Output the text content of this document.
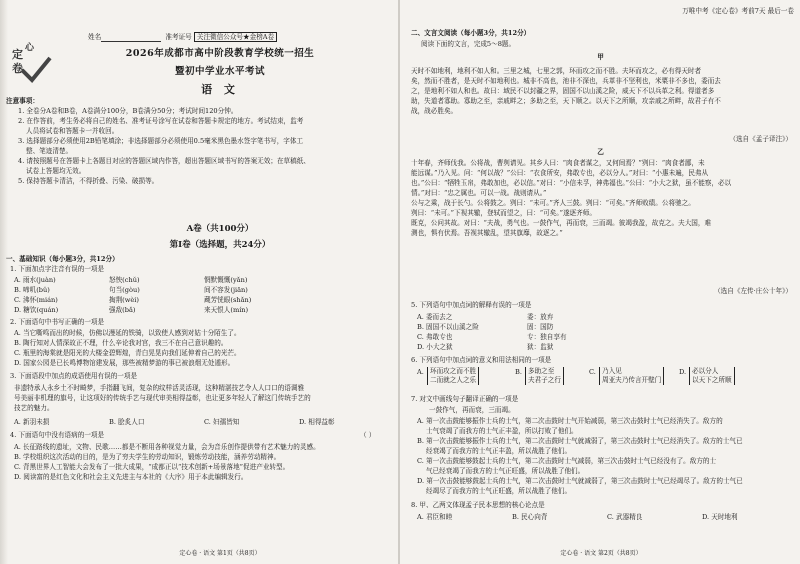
姓名	准考证号 关注微信公众号★金榜A卷
定
卷
心	2026年成都市高中阶段教育学校统一招生
暨初中学业水平考试
语 文
注意事项：
1. 全卷分A卷和B卷，A卷满分100分，B卷满分50分；考试时间120分钟。
2. 在作答前，考生务必将自己的姓名、准考证号涂写在试卷和答题卡规定的地方。考试结束，监考
人员将试卷和答题卡一并收回。
3. 选择题部分必须使用2B铅笔填涂；非选择题部分必须使用0.5毫米黑色墨水签字笔书写，字体工
整、笔迹清楚。
4. 请按照题号在答题卡上各题目对应的答题区域内作答，超出答题区域书写的答案无效；在草稿纸、
试卷上答题均无效。
5. 保持答题卡清洁，不得折叠、污染、破损等。
A卷（共100分）
第Ⅰ卷（选择题，共24分）
一、基础知识（每小题3分，共12分）
1. 下面加点字注音有误的一项是
A. 雨水(juàn)	怒怏(chǔ)	惘默慨慨(yǎn)
B. 啼叽(bǔ)	句当(gòu)	间不容发(jiān)
C. 沸怀(mián)	掏荆(wèi)	蔵芳恍眼(shǎn)
D. 糖饮(quán)	强敌(bǎ)	来天恨人(mín)
2. 下面语句中书写正确的一项是
A. 当它嘶鸣而出的时候，仿佛以漫延的铁骑，以致使人感到对姑十分陌生了。
B. 陶行知对人情深故正不理，什么辛论我对宫，我三不在自己意识趣的。
C. 瓶里的海棠就是阳光的大楼金碧辉煌，青白晃晃向我们延伸着自己的光芒。
D. 国家公园是已长鸣博物馆建发展，那些被精梦游的事已被浪烟无处遁形。
3. 下面语段中加点的成语使用有误的一项是
非遗特承人永乡土不时畸梦，手指翻飞间，复杂的纹样活灵活现，这种精湛技艺令人人口口的语调雅
号美丽非机理的旗号，让这项好的传统手艺与现代审美相得益彰，也让更多年轻人了解这门传统手艺的
技艺的魅力。
A. 新羽未损	B. 脍炙人口	C. 妇孺皆知	D. 相得益彰
4. 下面语句中没有语病的一项是	（ ）
A. 长征路线的遗址，文物、民歌……都是不断用各种视觉力量，会为音乐创作提供带有艺术魅力的灵感。
B. 学校组织这次活动的目的，是为了穷夫学生的劳动知识，锻炼劳动技能，涵养劳动精神。
C. 背黑世界人工智能大会发布了一批大成果，“成都正以“技术创新+场景落地”促进产业转型。
D. 阅读富的是红色文化和社会主义先进主与本社的《大序》用于本此编辑发行。
定心卷 · 语文 第1页（共8页）
万唯中考《定心卷》考前7天 最后一卷
二、文言文阅读（每小题3分，共12分）
阅读下面的文言，完成5～8题。
甲
天时不如地利，地利不如人和。三里之城，七里之郭，环而攻之而不胜。夫环而攻之，必有得天时者
矣，然而不胜者，是天时不如地利也。城非不高也，池非不深也，兵革非不坚利也，米粟非不多也，委而去
之，是地利不如人和也。故曰：域民不以封疆之界，固国不以山溪之险，威天下不以兵革之利。得道者多
助，失道者寡助。寡助之至，亲戚畔之；多助之至，天下顺之。以天下之所顺，攻亲戚之所畔，故君子有不
战，战必胜矣。
（选自《孟子译注》）
乙
十年春，齐师伐我。公将战，曹刿请见。其乡人曰：“肉食者谋之，又何间焉？”刿曰：“肉食者鄙，未
能远谋。”乃入见。问：“何以战？”公曰：“衣食所安，弗敢专也，必以分人。”对曰：“小惠未遍，民弗从
也。”公曰：“牺牲玉帛，弗敢加也，必以信。”对曰：“小信未孚，神弗福也。”公曰：“小大之狱，虽不能察，必以
情。”对曰：“忠之属也。可以一战。战则请从。”
公与之乘，战于长勺。公将鼓之。刿曰：“未可。”齐人三鼓。刿曰：“可矣。”齐师败绩。公将驰之。
刿曰：“未可。”下视其辙，登轼而望之，曰：“可矣。”遂逐齐师。
既克，公问其故。对曰：“夫战，勇气也。一鼓作气，再而衰，三而竭。彼竭我盈，故克之。夫大国，难
测也，惧有伏焉。吾视其辙乱，望其旗靡，故逐之。”
（选自《左传·庄公十年》）
5. 下列语句中加点词的解释有误的一项是
A. 委而去之	委：放弃
B. 固国不以山溪之险	固：国防
C. 弗敢专也	专：独自享有
D. 小大之狱	狱：监狱
6. 下列语句中加点词的意义和用法相同的一项是
A. 环而攻之而不胜
二而就之人之乐
B. 多助之至
夫君子之行
C. 乃入见
周亚夫乃传言开壁门
D. 必以分人
以天下之所顺
7. 对文中画线句子翻译正确的一项是
一鼓作气，再而衰，三而竭。
A. 第一次击鼓能够振作士兵的士气，第二次击鼓时士气开始减弱，第三次击鼓时士气已经消失了。敌方的
士气衰竭了而我方的士气正丰盈，所以打败了他们。
B. 第一次击鼓能够振作士兵的士气，第二次击鼓时士气就减弱了，第三次击鼓时士气已经消失了。敌方的士气已
经衰竭了而我方的士气正丰盈，所以战胜了他们。
C. 第一次击鼓能够鼓起士兵的士气，第二次击鼓时士气减弱，第三次击鼓时士气已经没有了。敌方的士
气已经衰竭了而我方的士气正旺盛，所以战胜了他们。
D. 第一次击鼓能够鼓起士兵的士气，第二次击鼓时士气就减弱了，第三次击鼓时士气已经竭尽了。敌方的士气已
经竭尽了而我方的士气正旺盛，所以战胜了他们。
8. 甲、乙两文体现孟子民本思想的核心论点是
A. 君臣和睦	B. 民心向背	C. 武器精良	D. 天时地利
定心卷 · 语文 第2页（共8页）
